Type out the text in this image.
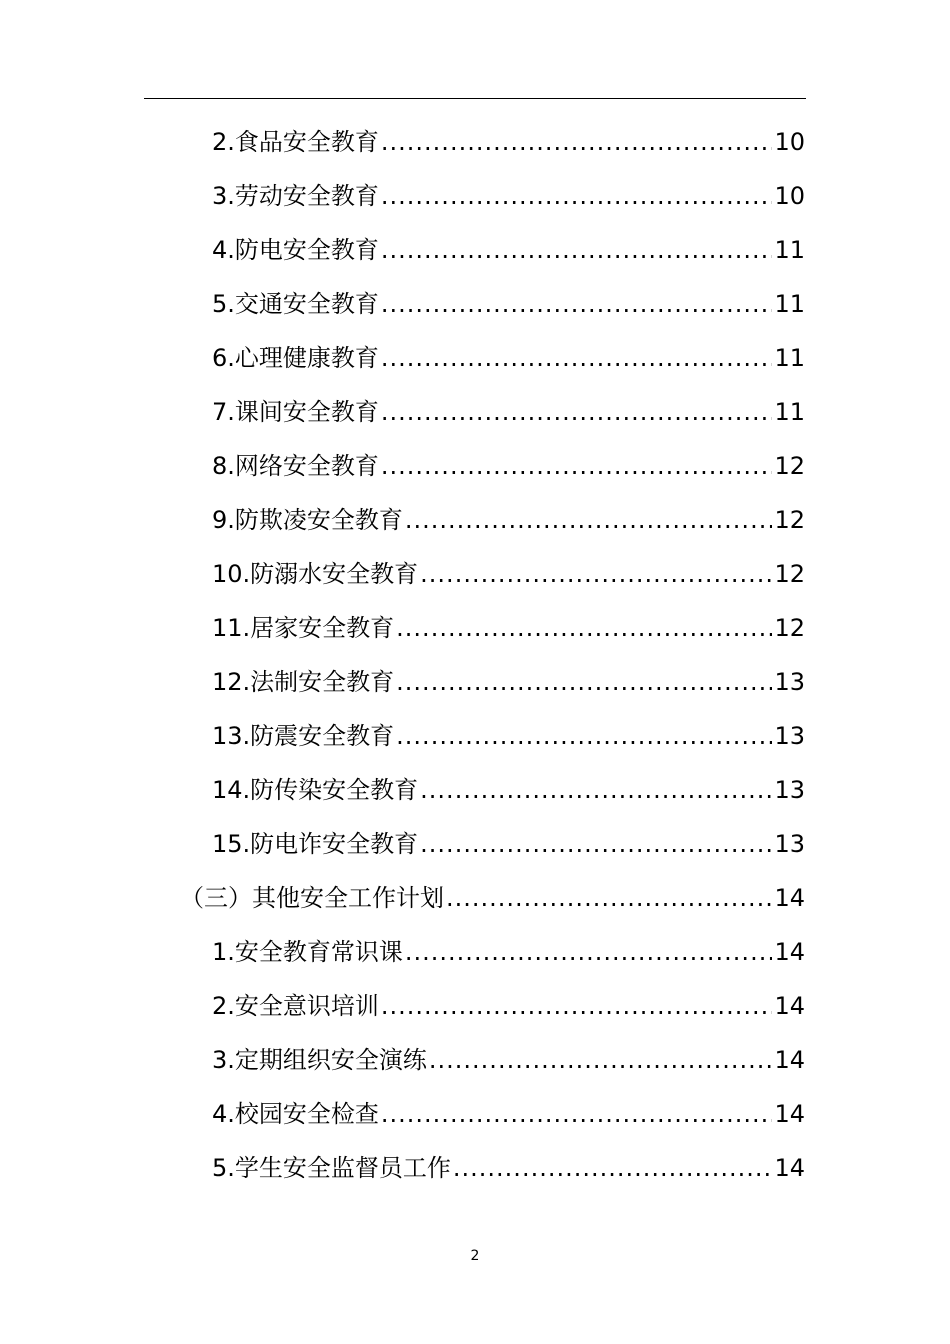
2.食品安全教育 .....	10
3.劳动安全教育 .....	10
4.防电安全教育 .....	11
5.交通安全教育 .....	11
6.心理健康教育 .....	11
7.课间安全教育 .....	11
8.网络安全教育 .....	12
9.防欺凌安全教育 .....	12
10.防溺水安全教育 .....	12
11.居家安全教育 .....	12
12.法制安全教育 .....	13
13.防震安全教育 .....	13
14.防传染安全教育 .....	13
15.防电诈安全教育 .....	13
（三）其他安全工作计划 .....	14
1.安全教育常识课 .....	14
2.安全意识培训 .....	14
3.定期组织安全演练 .....	14
4.校园安全检查 .....	14
5.学生安全监督员工作 .....	14
2
